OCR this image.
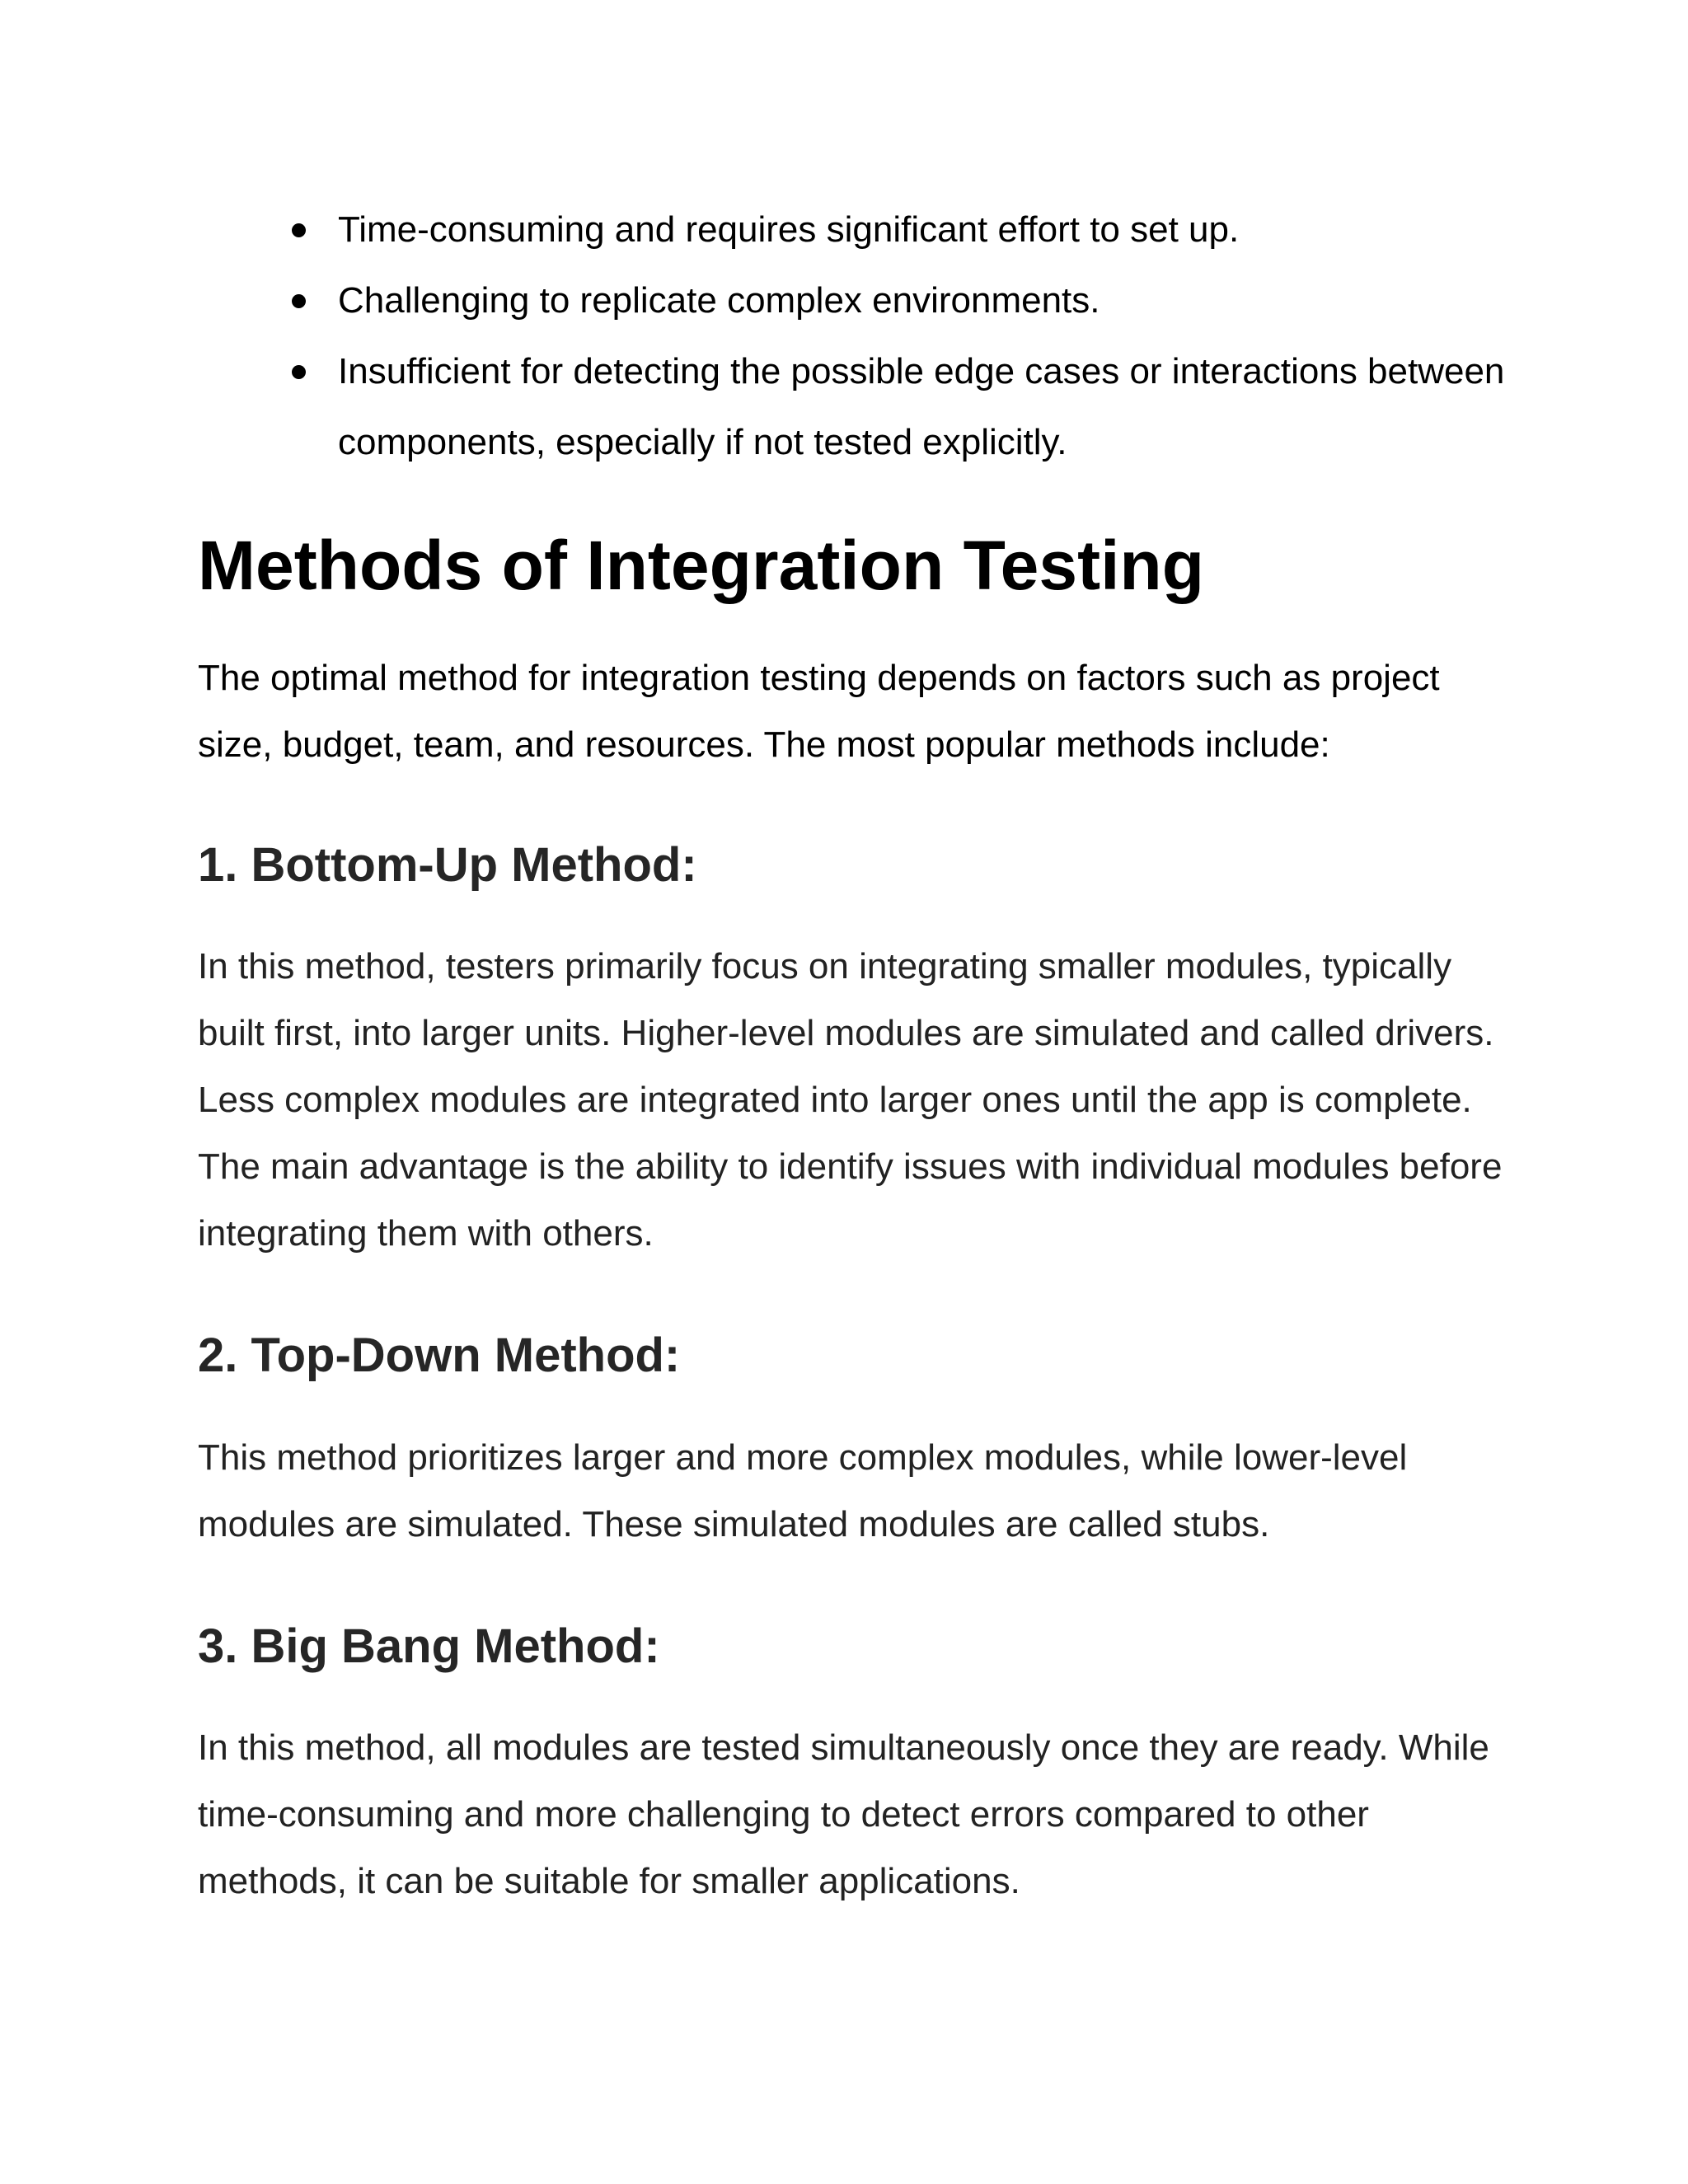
Time-consuming and requires significant effort to set up.
Challenging to replicate complex environments.
Insufficient for detecting the possible edge cases or interactions between components, especially if not tested explicitly.
Methods of Integration Testing

The optimal method for integration testing depends on factors such as project size, budget, team, and resources. The most popular methods include:

1. Bottom-Up Method:

In this method, testers primarily focus on integrating smaller modules, typically built first, into larger units. Higher-level modules are simulated and called drivers. Less complex modules are integrated into larger ones until the app is complete. The main advantage is the ability to identify issues with individual modules before integrating them with others.

2. Top-Down Method:

This method prioritizes larger and more complex modules, while lower-level modules are simulated. These simulated modules are called stubs.

3. Big Bang Method:

In this method, all modules are tested simultaneously once they are ready. While time-consuming and more challenging to detect errors compared to other methods, it can be suitable for smaller applications.
